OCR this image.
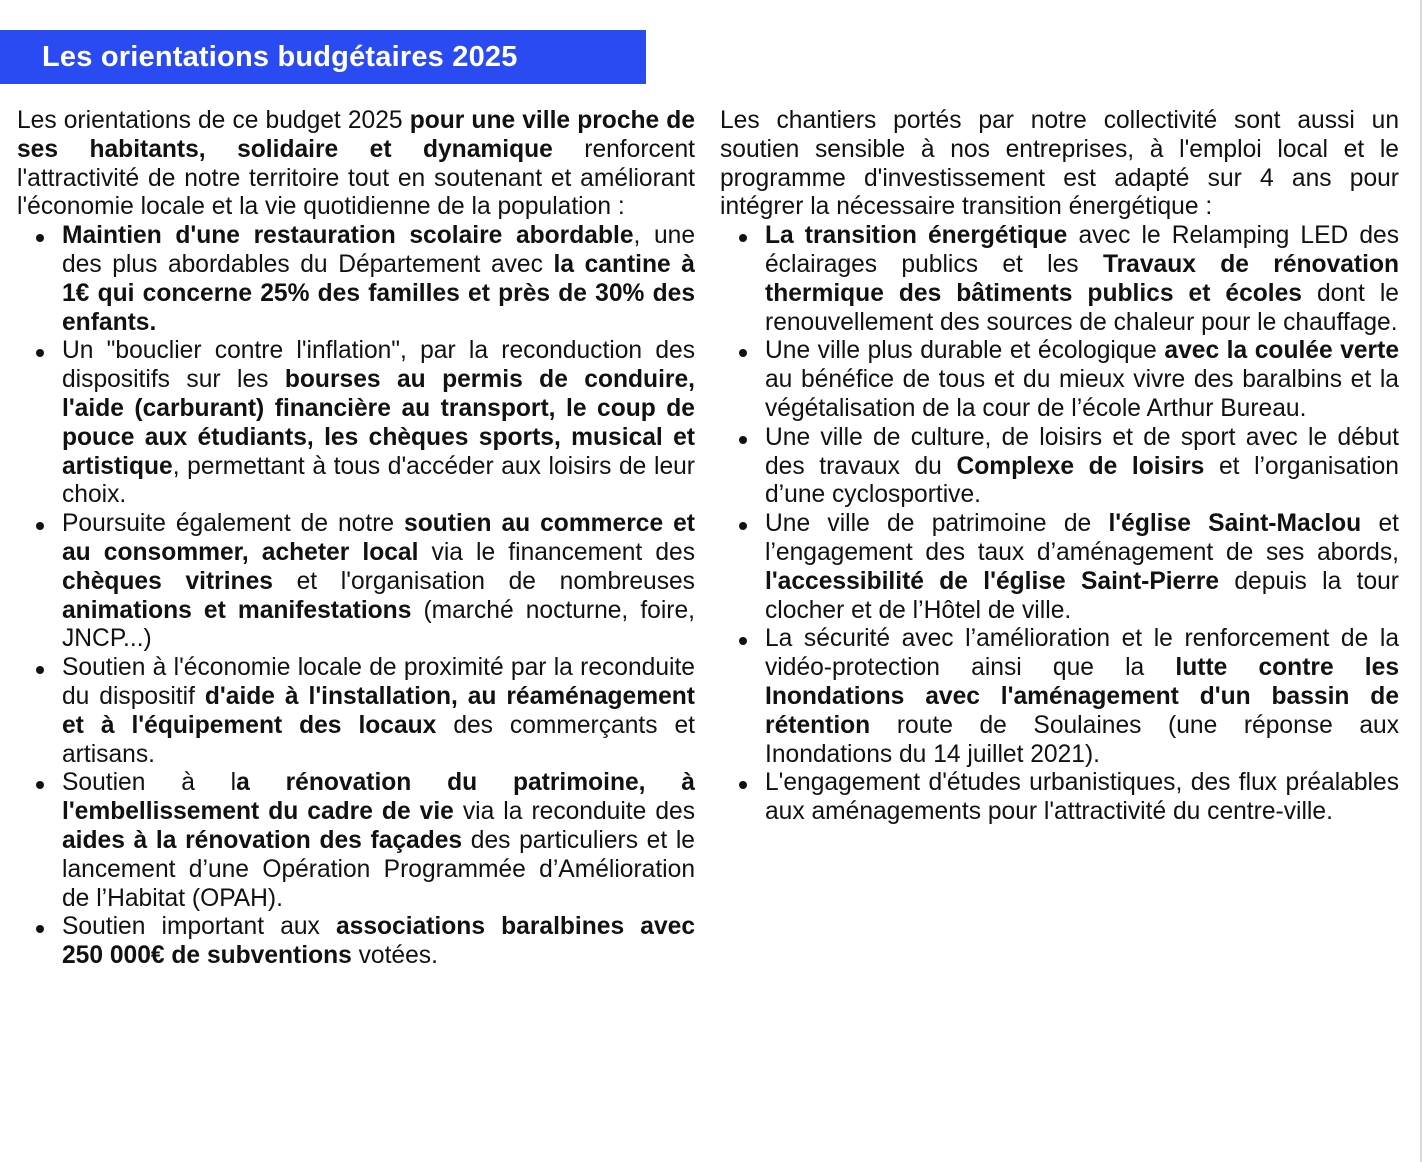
Les orientations budgétaires 2025

Les orientations de ce budget 2025 pour une ville proche de ses habitants, solidaire et dynamique renforcent l'attractivité de notre territoire tout en soutenant et améliorant l'économie locale et la vie quotidienne de la population :

Maintien d'une restauration scolaire abordable, une des plus abordables du Département avec la cantine à 1€ qui concerne 25% des familles et près de 30% des enfants.
Un "bouclier contre l'inflation", par la reconduction des dispositifs sur les bourses au permis de conduire, l'aide (carburant) financière au transport, le coup de pouce aux étudiants, les chèques sports, musical et artistique, permettant à tous d'accéder aux loisirs de leur choix.
Poursuite également de notre soutien au commerce et au consommer, acheter local via le financement des chèques vitrines et l'organisation de nombreuses animations et manifestations (marché nocturne, foire, JNCP...)
Soutien à l'économie locale de proximité par la reconduite du dispositif d'aide à l'installation, au réaménagement et à l'équipement des locaux des commerçants et artisans.
Soutien à la rénovation du patrimoine, à l'embellissement du cadre de vie via la reconduite des aides à la rénovation des façades des particuliers et le lancement d’une Opération Programmée d’Amélioration de l’Habitat (OPAH).
Soutien important aux associations baralbines avec 250 000€ de subventions votées.

Les chantiers portés par notre collectivité sont aussi un soutien sensible à nos entreprises, à l'emploi local et le programme d'investissement est adapté sur 4 ans pour intégrer la nécessaire transition énergétique :

La transition énergétique avec le Relamping LED des éclairages publics et les Travaux de rénovation thermique des bâtiments publics et écoles dont le renouvellement des sources de chaleur pour le chauffage.
Une ville plus durable et écologique avec la coulée verte au bénéfice de tous et du mieux vivre des baralbins et la végétalisation de la cour de l’école Arthur Bureau.
Une ville de culture, de loisirs et de sport avec le début des travaux du Complexe de loisirs et l’organisation d’une cyclosportive.
Une ville de patrimoine de l'église Saint-Maclou et l’engagement des taux d’aménagement de ses abords, l'accessibilité de l'église Saint-Pierre depuis la tour clocher et de l’Hôtel de ville.
La sécurité avec l’amélioration et le renforcement de la vidéo-protection ainsi que la lutte contre les Inondations avec l'aménagement d'un bassin de rétention route de Soulaines (une réponse aux Inondations du 14 juillet 2021).
L'engagement d'études urbanistiques, des flux préalables aux aménagements pour l'attractivité du centre-ville.
